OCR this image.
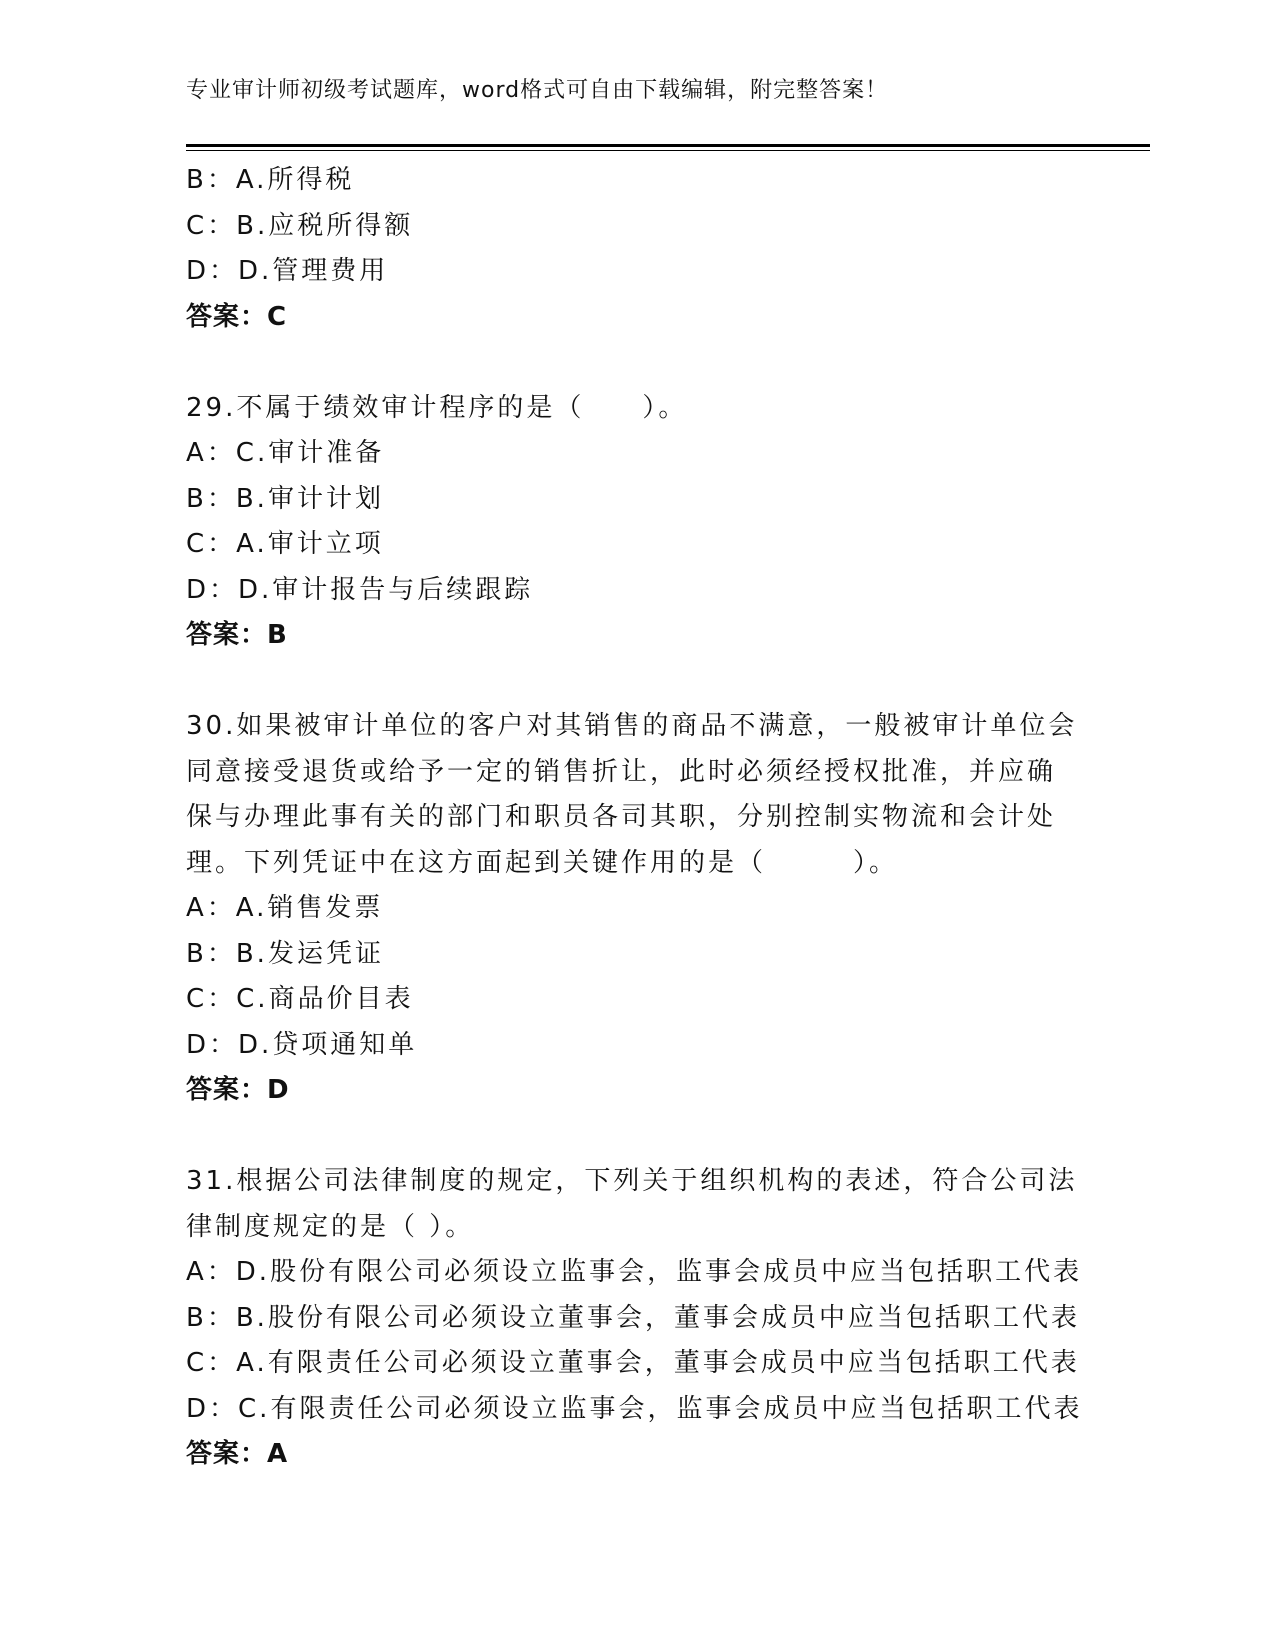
专业审计师初级考试题库，word格式可自由下载编辑，附完整答案！
B：A.所得税
C：B.应税所得额
D：D.管理费用
答案：C
29.不属于绩效审计程序的是（　　）。
A：C.审计准备
B：B.审计计划
C：A.审计立项
D：D.审计报告与后续跟踪
答案：B
30.如果被审计单位的客户对其销售的商品不满意，一般被审计单位会
同意接受退货或给予一定的销售折让，此时必须经授权批准，并应确
保与办理此事有关的部门和职员各司其职，分别控制实物流和会计处
理。下列凭证中在这方面起到关键作用的是（　　　）。
A：A.销售发票
B：B.发运凭证
C：C.商品价目表
D：D.贷项通知单
答案：D
31.根据公司法律制度的规定，下列关于组织机构的表述，符合公司法
律制度规定的是（ ）。
A：D.股份有限公司必须设立监事会，监事会成员中应当包括职工代表
B：B.股份有限公司必须设立董事会，董事会成员中应当包括职工代表
C：A.有限责任公司必须设立董事会，董事会成员中应当包括职工代表
D：C.有限责任公司必须设立监事会，监事会成员中应当包括职工代表
答案：A
